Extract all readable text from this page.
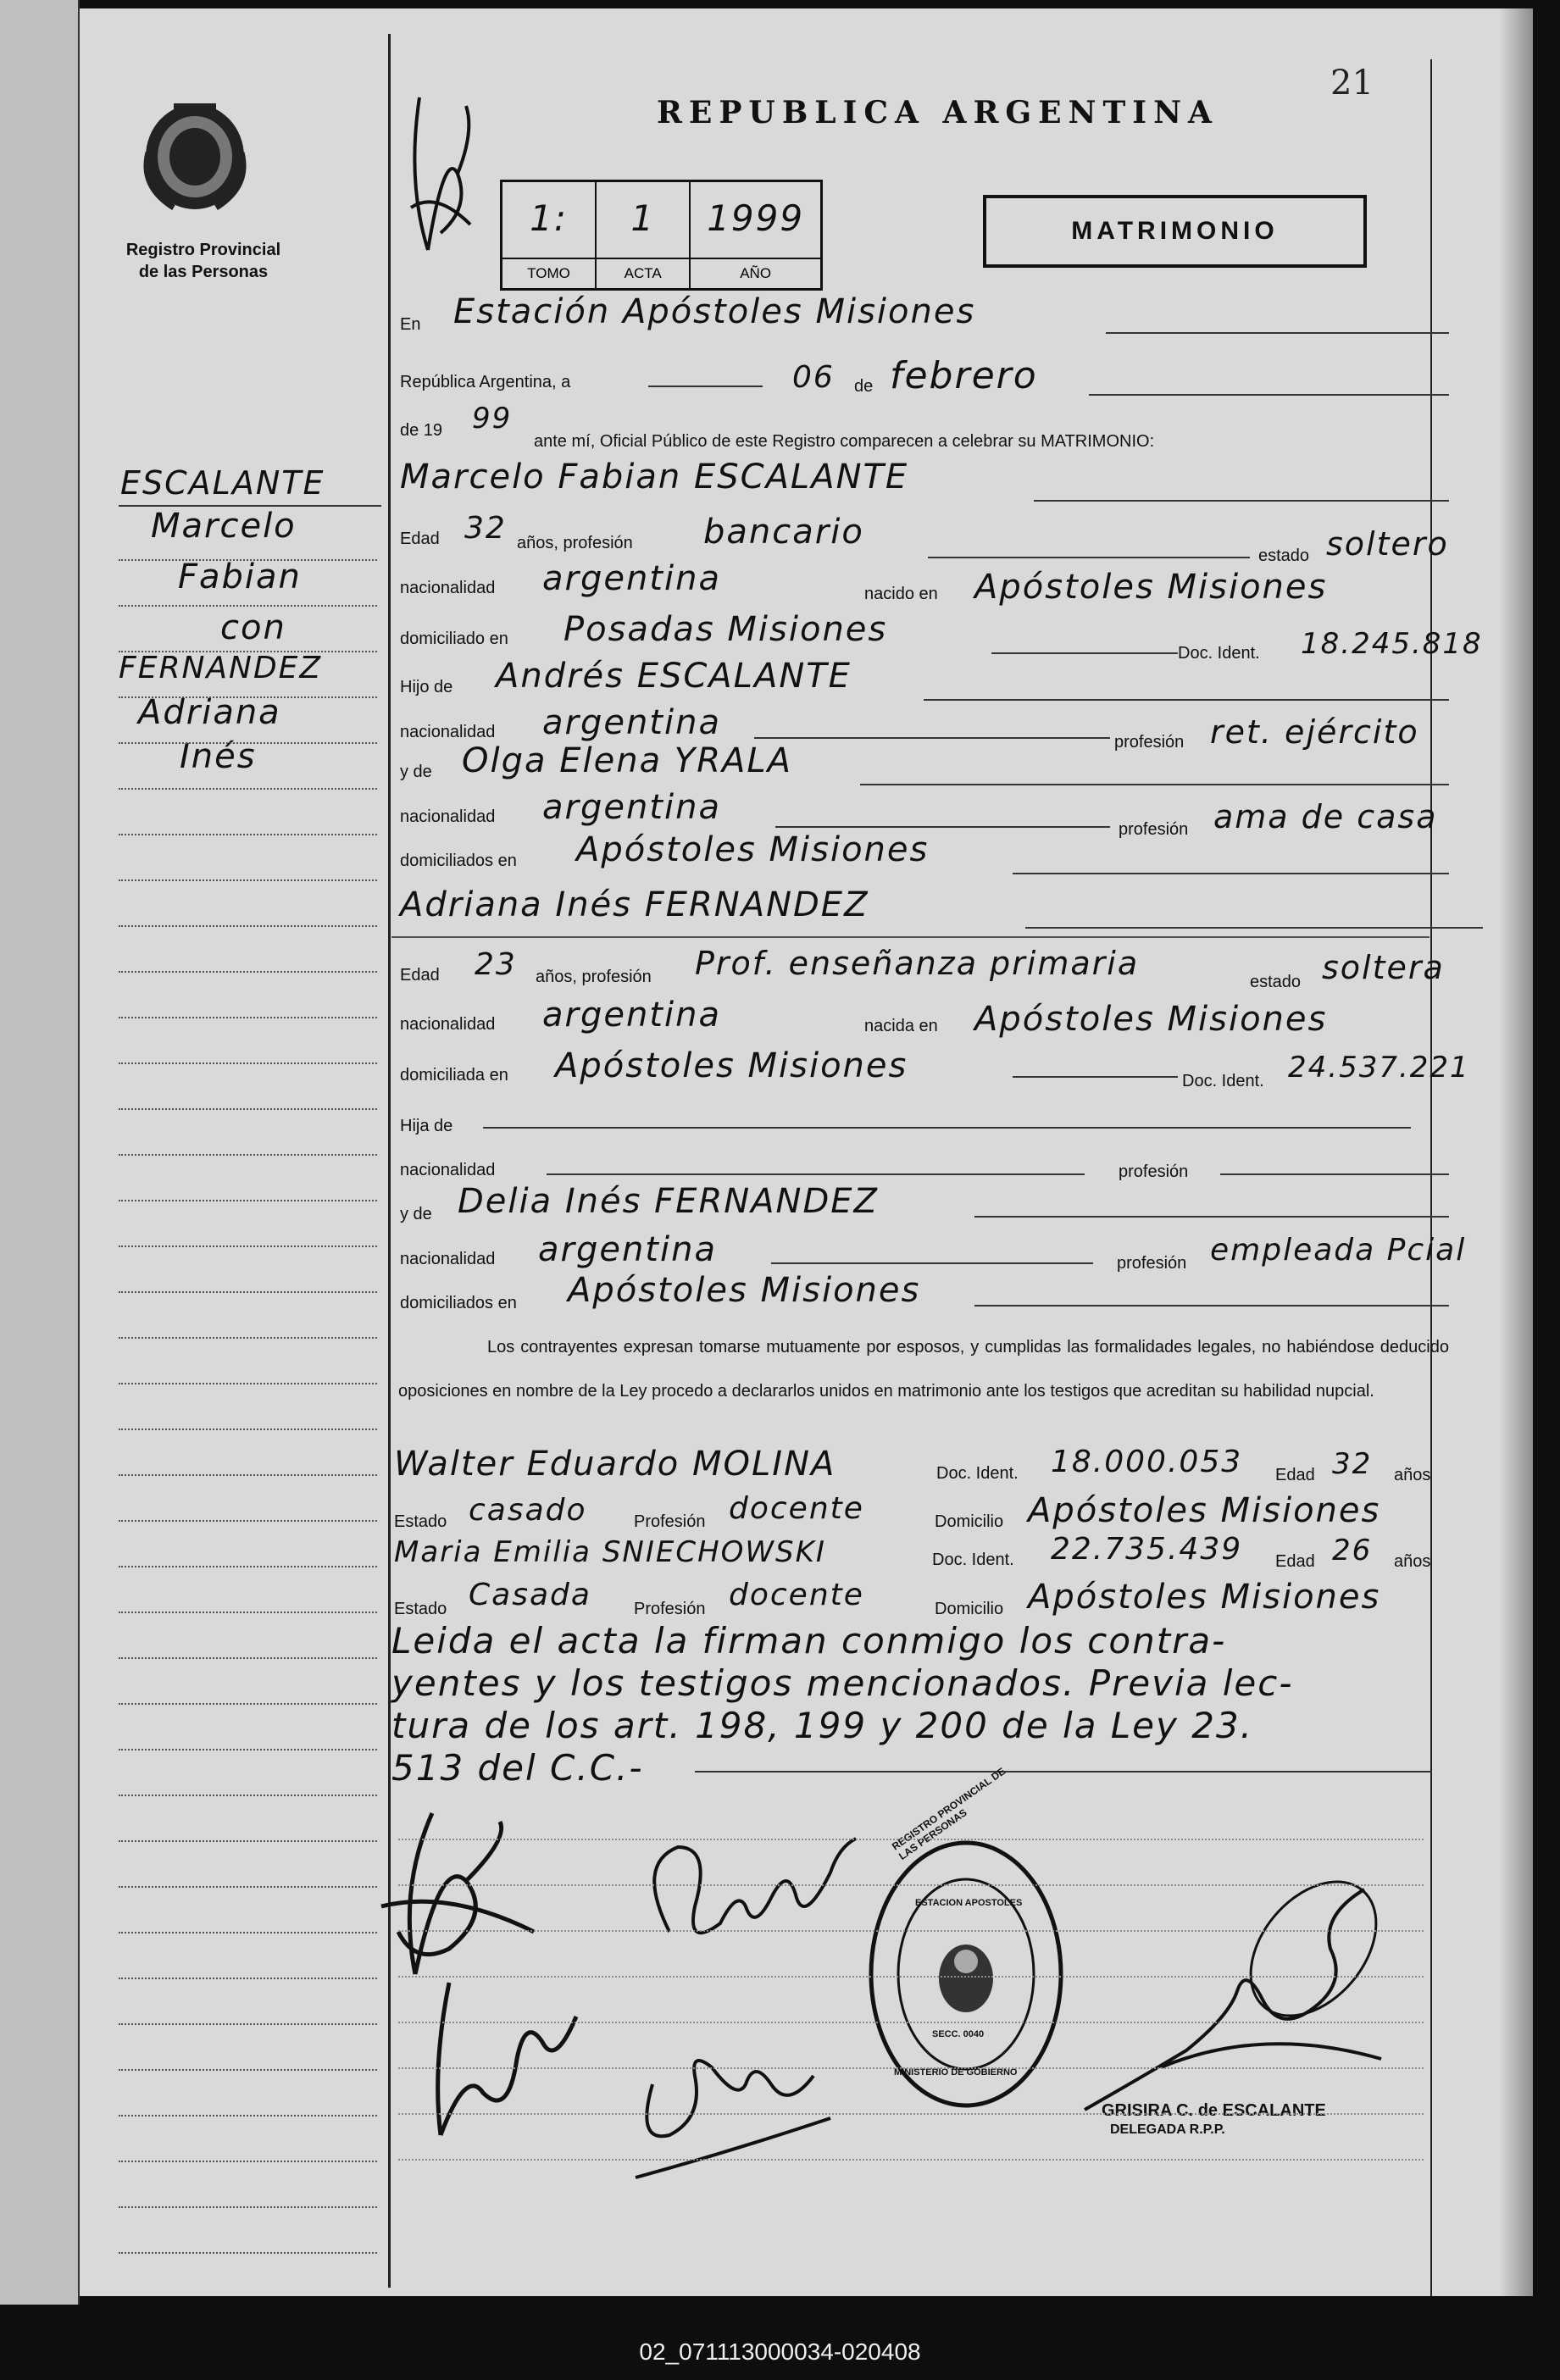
Registro Provincial
de las Personas
ESCALANTE
Marcelo
Fabian
con
FERNANDEZ
Adriana
Inés
21
REPUBLICA ARGENTINA
1:
TOMO
1
ACTA
1999
AÑO
MATRIMONIO
En Estación Apóstoles Misiones
República Argentina, a	06 de febrero
de 19 99
ante mí, Oficial Público de este Registro comparecen a celebrar su MATRIMONIO:
Marcelo Fabian ESCALANTE
Edad 32 años, profesión bancario
estado soltero
nacionalidad argentina	nacido en Apóstoles Misiones
domiciliado en Posadas Misiones
Doc. Ident. 18.245.818
Hijo de Andrés ESCALANTE
nacionalidad argentina	profesión ret. ejército
y de Olga Elena YRALA
nacionalidad argentina
profesión ama de casa
domiciliados en Apóstoles Misiones
Adriana Inés FERNANDEZ
Edad 23 años, profesión Prof. enseñanza primaria	estado soltera
nacionalidad argentina	nacida en Apóstoles Misiones
domiciliada en Apóstoles Misiones	Doc. Ident. 24.537.221
Hija de
nacionalidad	profesión
y de Delia Inés FERNANDEZ
nacionalidad argentina	profesión empleada Pcial
domiciliados en Apóstoles Misiones
Los contrayentes expresan tomarse mutuamente por esposos, y cumplidas las formalidades legales, no habiéndose deducido oposiciones en nombre de la Ley procedo a declararlos unidos en matrimonio ante los testigos que acreditan su habilidad nupcial.
Walter Eduardo MOLINA	Doc. Ident. 18.000.053 Edad 32 años
Estado casado	Profesión docente	Domicilio Apóstoles Misiones
Maria Emilia SNIECHOWSKI	Doc. Ident. 22.735.439 Edad 26 años
Estado Casada	Profesión docente	Domicilio Apóstoles Misiones
Leida el acta la firman conmigo los contra-
yentes y los testigos mencionados. Previa lec-
tura de los art. 198, 199 y 200 de la Ley 23.
513 del C.C.-	REGISTRO PROVINCIAL DE LAS PERSONAS
ESTACION APOSTOLES
SECC. 0040
MINISTERIO DE GOBIERNO
GRISIRA C. de ESCALANTE
DELEGADA R.P.P.
02_071113000034-020408
